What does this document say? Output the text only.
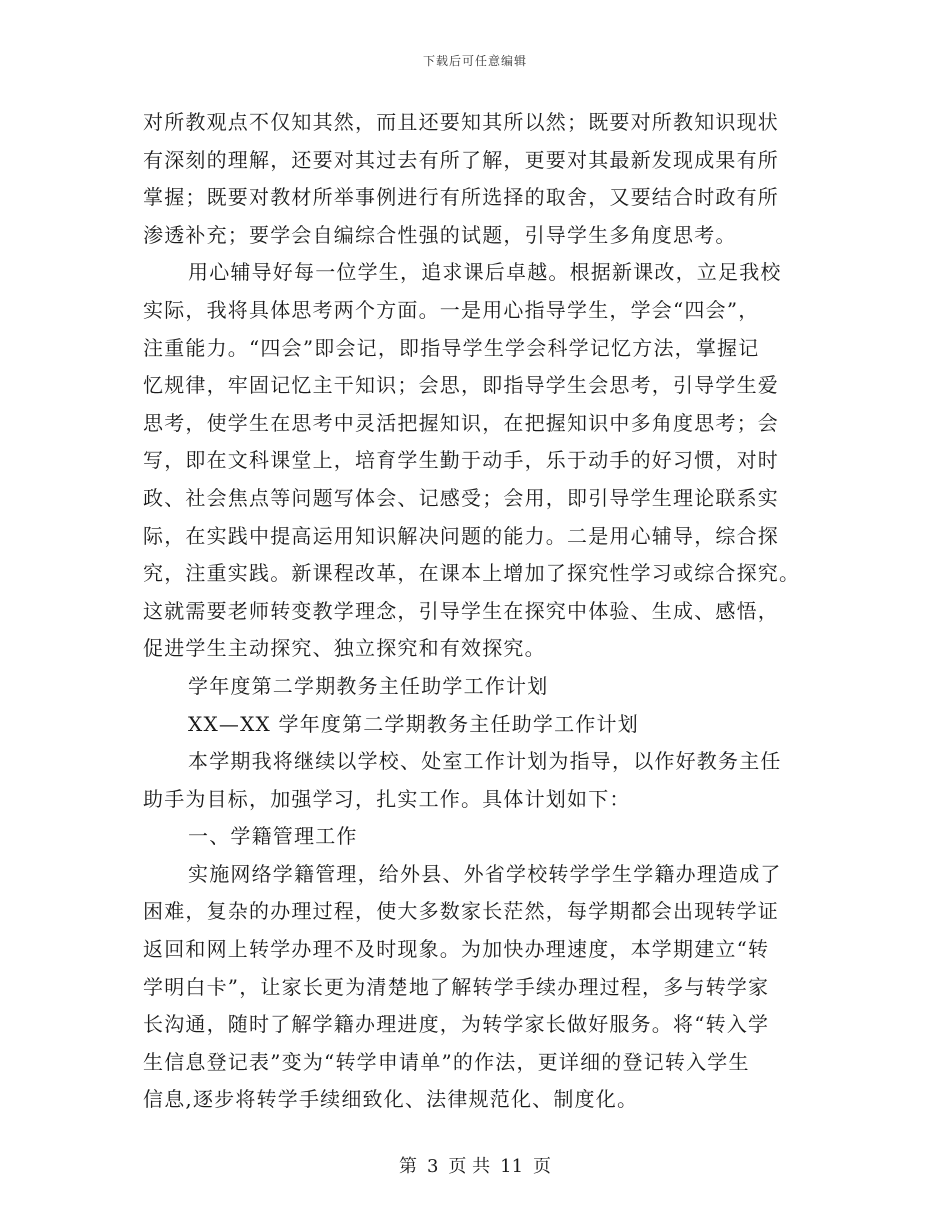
下载后可任意编辑
对所教观点不仅知其然，而且还要知其所以然；既要对所教知识现状
有深刻的理解，还要对其过去有所了解，更要对其最新发现成果有所
掌握；既要对教材所举事例进行有所选择的取舍，又要结合时政有所
渗透补充；要学会自编综合性强的试题，引导学生多角度思考。
用心辅导好每一位学生，追求课后卓越。根据新课改，立足我校
实际，我将具体思考两个方面。一是用心指导学生，学会“四会”，
注重能力。“四会”即会记，即指导学生学会科学记忆方法，掌握记
忆规律，牢固记忆主干知识；会思，即指导学生会思考，引导学生爱
思考，使学生在思考中灵活把握知识，在把握知识中多角度思考；会
写，即在文科课堂上，培育学生勤于动手，乐于动手的好习惯，对时
政、社会焦点等问题写体会、记感受；会用，即引导学生理论联系实
际，在实践中提高运用知识解决问题的能力。二是用心辅导，综合探
究，注重实践。新课程改革，在课本上增加了探究性学习或综合探究。
这就需要老师转变教学理念，引导学生在探究中体验、生成、感悟，
促进学生主动探究、独立探究和有效探究。
学年度第二学期教务主任助学工作计划
XX—XX 学年度第二学期教务主任助学工作计划
本学期我将继续以学校、处室工作计划为指导，以作好教务主任
助手为目标，加强学习，扎实工作。具体计划如下：
一、学籍管理工作
实施网络学籍管理，给外县、外省学校转学学生学籍办理造成了
困难，复杂的办理过程，使大多数家长茫然，每学期都会出现转学证
返回和网上转学办理不及时现象。为加快办理速度，本学期建立“转
学明白卡”，让家长更为清楚地了解转学手续办理过程，多与转学家
长沟通，随时了解学籍办理进度，为转学家长做好服务。将“转入学
生信息登记表”变为“转学申请单”的作法，更详细的登记转入学生
信息,逐步将转学手续细致化、法律规范化、制度化。
第 3 页 共 11 页
